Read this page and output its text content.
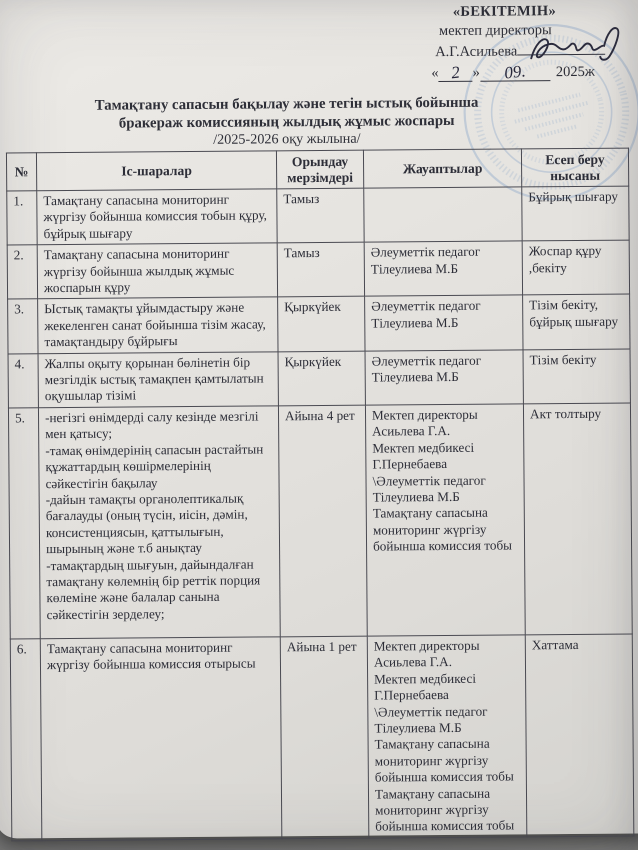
«БЕКІТЕМІН»
мектеп директоры
А.Г.Асильева
« 2 » 09. 2025ж
Тамақтану сапасын бақылау және тегін ыстық бойынша
бракераж комиссияның жылдық жұмыс жоспары
/2025-2026 оқу жылына/
№	Іс-шаралар	Орындау
мерзімдері	Жауаптылар	Есеп беру
нысаны
1.	Тамақтану сапасына мониторинг жүргізу бойынша комиссия тобын құру, бұйрық шығару	Тамыз		Бұйрық шығару
2.	Тамақтану сапасына мониторинг жүргізу бойынша жылдық жұмыс жоспарын құру	Тамыз	Әлеуметтік педагог
Тілеулиева М.Б	Жоспар құру
,бекіту
3.	Ыстық тамақты ұйымдастыру және жекеленген санат бойынша тізім жасау, тамақтандыру бұйрығы	Қыркүйек	Әлеуметтік педагог
Тілеулиева М.Б	Тізім бекіту, бұйрық шығару
4.	Жалпы оқыту қорынан бөлінетін бір мезгілдік ыстық тамақпен қамтылатын оқушылар тізімі	Қыркүйек	Әлеуметтік педагог
Тілеулиева М.Б	Тізім бекіту
5.	-негізгі өнімдерді салу кезінде мезгілі мен қатысу;
-тамақ өнімдерінің сапасын растайтын құжаттардың көшірмелерінің
сәйкестігін бақылау
-дайын тамақты органолептикалық бағалауды (оның түсін, иісін, дәмін, консистенциясын, қаттылығын, шырының және т.б анықтау
-тамақтардың шығуын, дайындалған тамақтану көлемнің бір реттік порция көлеміне және балалар санына сәйкестігін зерделеу;	Айына 4 рет	Мектеп директоры
Асиьлева Г.А.
Мектеп медбикесі
Г.Пернебаева
\Әлеуметтік педагог
Тілеулиева М.Б
Тамақтану сапасына мониторинг жүргізу бойынша комиссия тобы	Акт толтыру
6.	Тамақтану сапасына мониторинг жүргізу бойынша комиссия отырысы	Айына 1 рет	Мектеп директоры
Асиьлева Г.А.
Мектеп медбикесі
Г.Пернебаева
\Әлеуметтік педагог
Тілеулиева М.Б
Тамақтану сапасына мониторинг жүргізу бойынша комиссия тобы
Тамақтану сапасына мониторинг жүргізу бойынша комиссия тобы	Хаттама
